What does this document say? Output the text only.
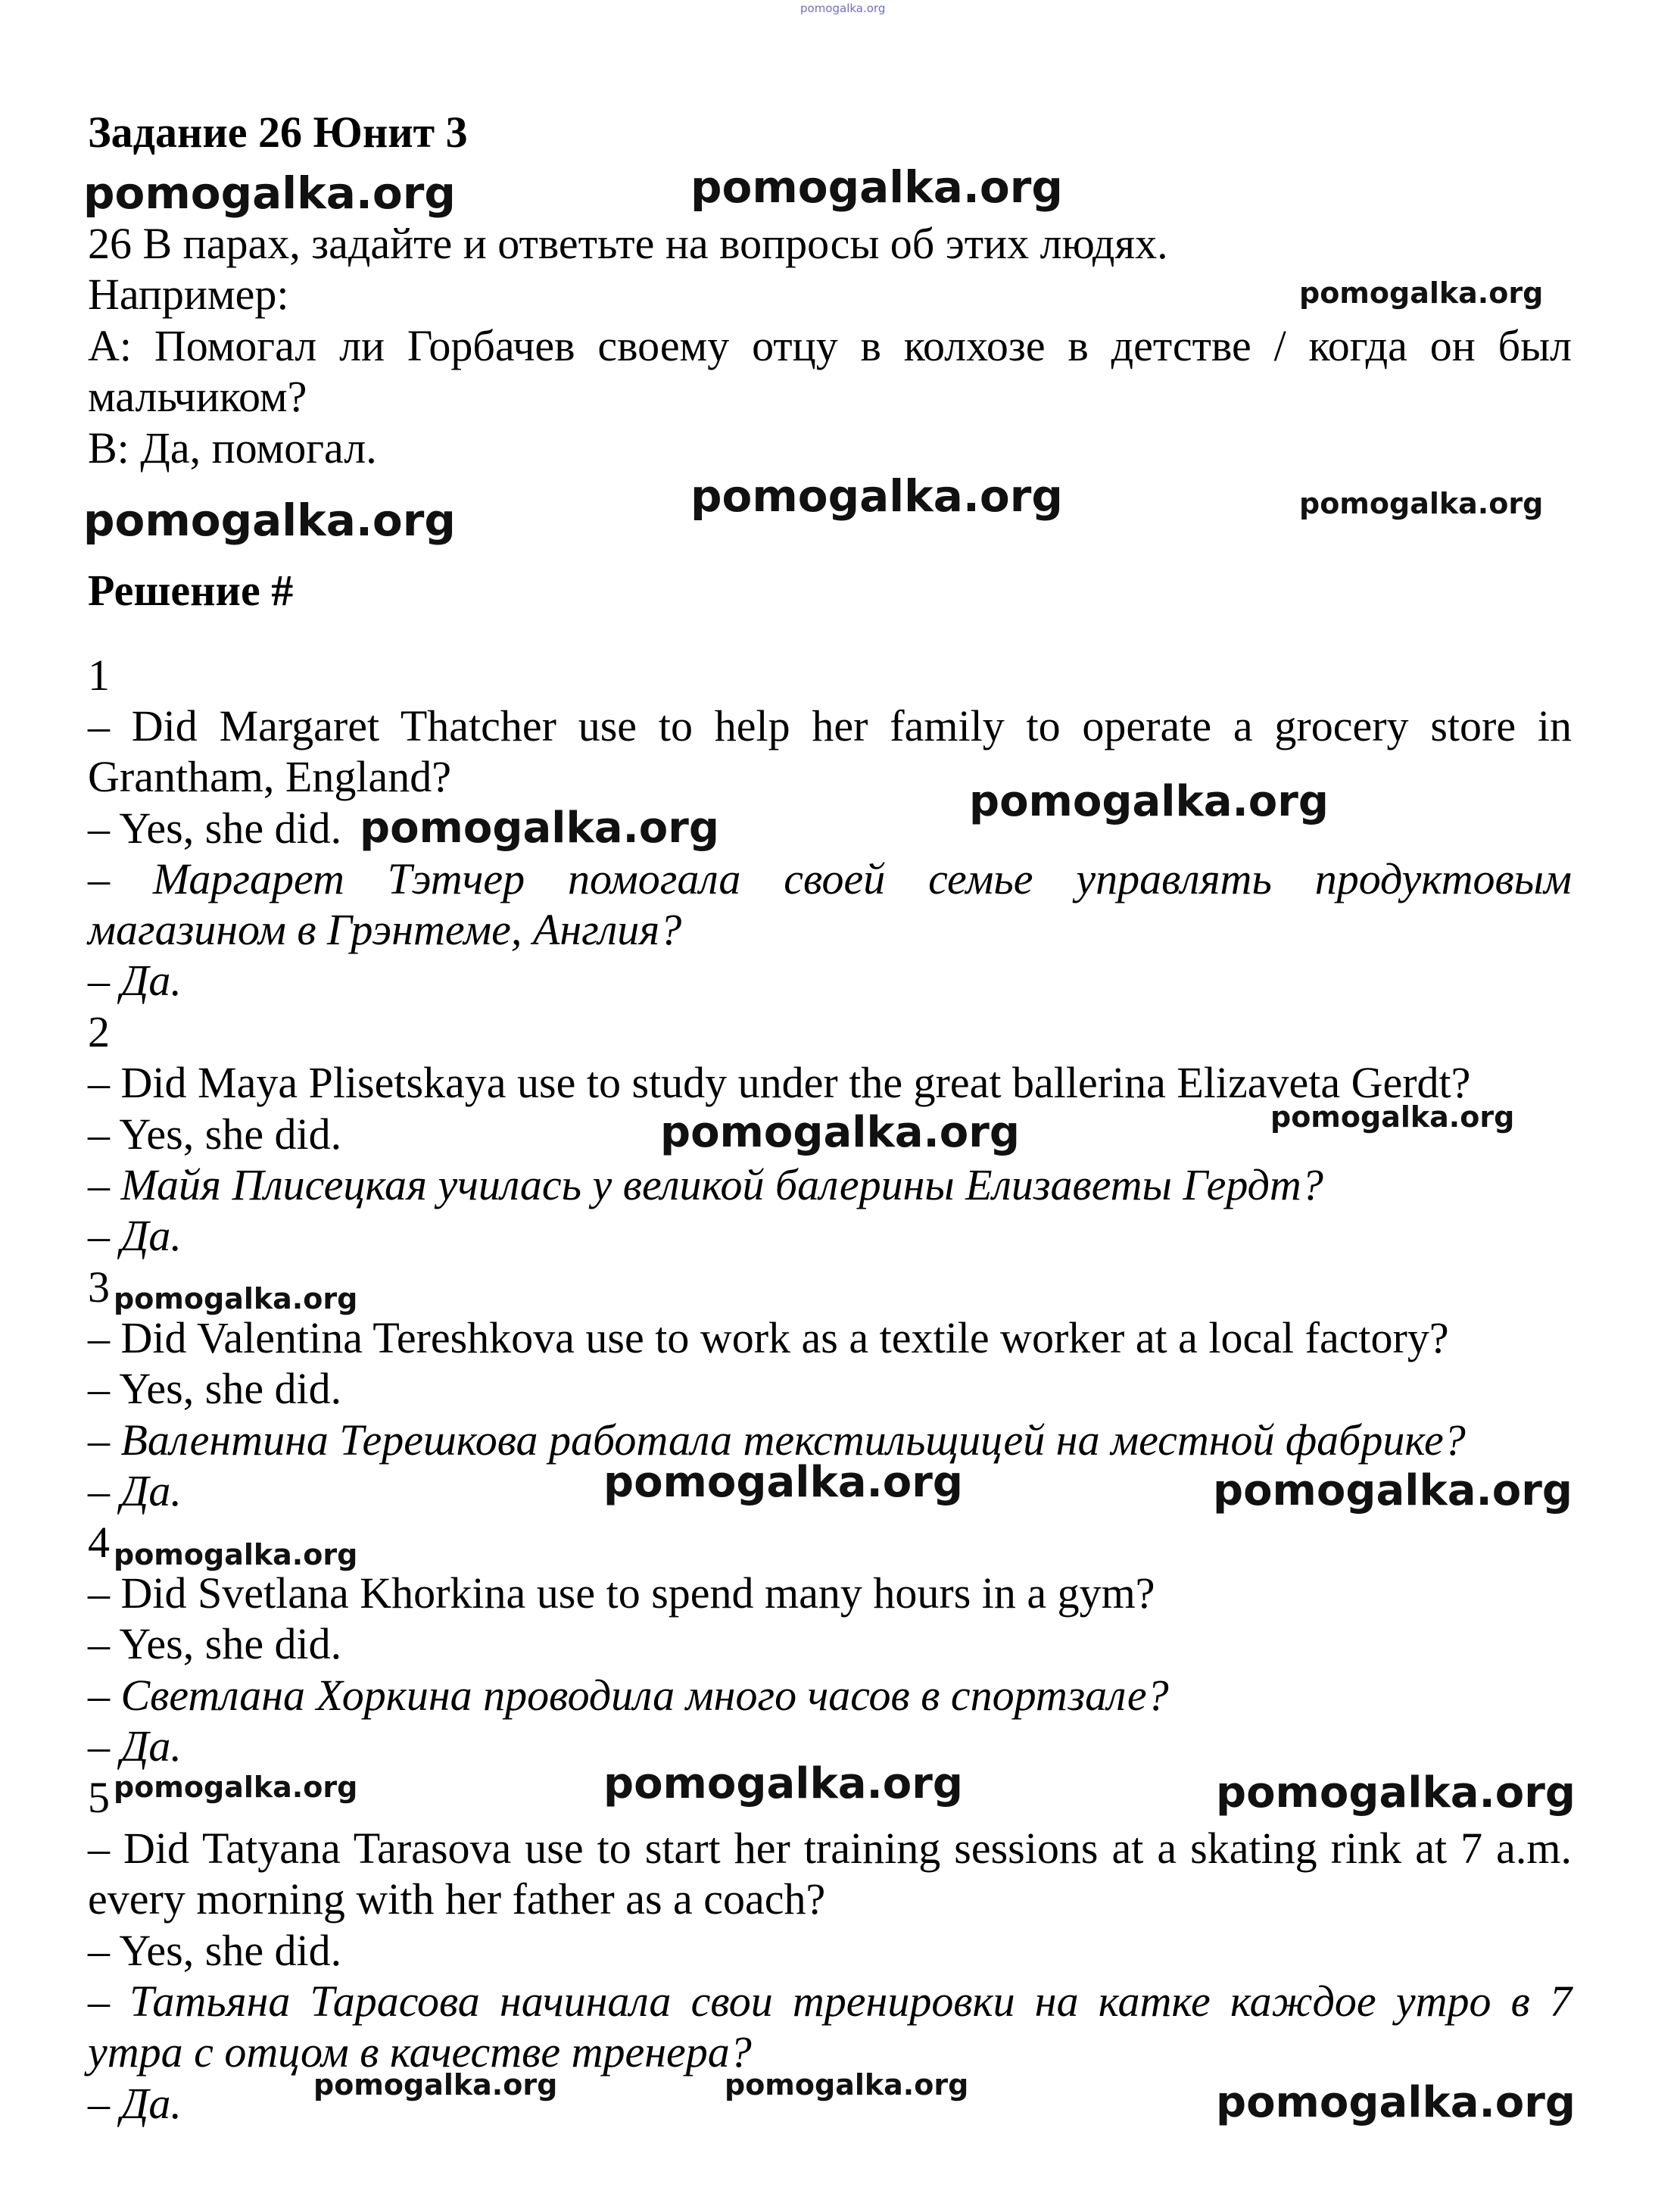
pomogalka.org
Задание 26 Юнит 3
26 В парах, задайте и ответьте на вопросы об этих людях.
Например:
A: Помогал ли Горбачев своему отцу в колхозе в детстве / когда он был
мальчиком?
B: Да, помогал.
Решение #
1
– Did Margaret Thatcher use to help her family to operate a grocery store in
Grantham, England?
– Yes, she did.
– Маргарет Тэтчер помогала своей семье управлять продуктовым
магазином в Грэнтеме, Англия?
– Да.
2
– Did Maya Plisetskaya use to study under the great ballerina Elizaveta Gerdt?
– Yes, she did.
– Майя Плисецкая училась у великой балерины Елизаветы Гердт?
– Да.
3
– Did Valentina Tereshkova use to work as a textile worker at a local factory?
– Yes, she did.
– Валентина Терешкова работала текстильщицей на местной фабрике?
– Да.
4
– Did Svetlana Khorkina use to spend many hours in a gym?
– Yes, she did.
– Светлана Хоркина проводила много часов в спортзале?
– Да.
5
– Did Tatyana Tarasova use to start her training sessions at a skating rink at 7 a.m.
every morning with her father as a coach?
– Yes, she did.
– Татьяна Тарасова начинала свои тренировки на катке каждое утро в 7
утра с отцом в качестве тренера?
– Да.
pomogalka.org	pomogalka.org
pomogalka.org
pomogalka.org	pomogalka.org	pomogalka.org
pomogalka.org
pomogalka.org
pomogalka.org	pomogalka.org
pomogalka.org
pomogalka.org	pomogalka.org
pomogalka.org
pomogalka.org	pomogalka.org	pomogalka.org
pomogalka.org	pomogalka.org	pomogalka.org
